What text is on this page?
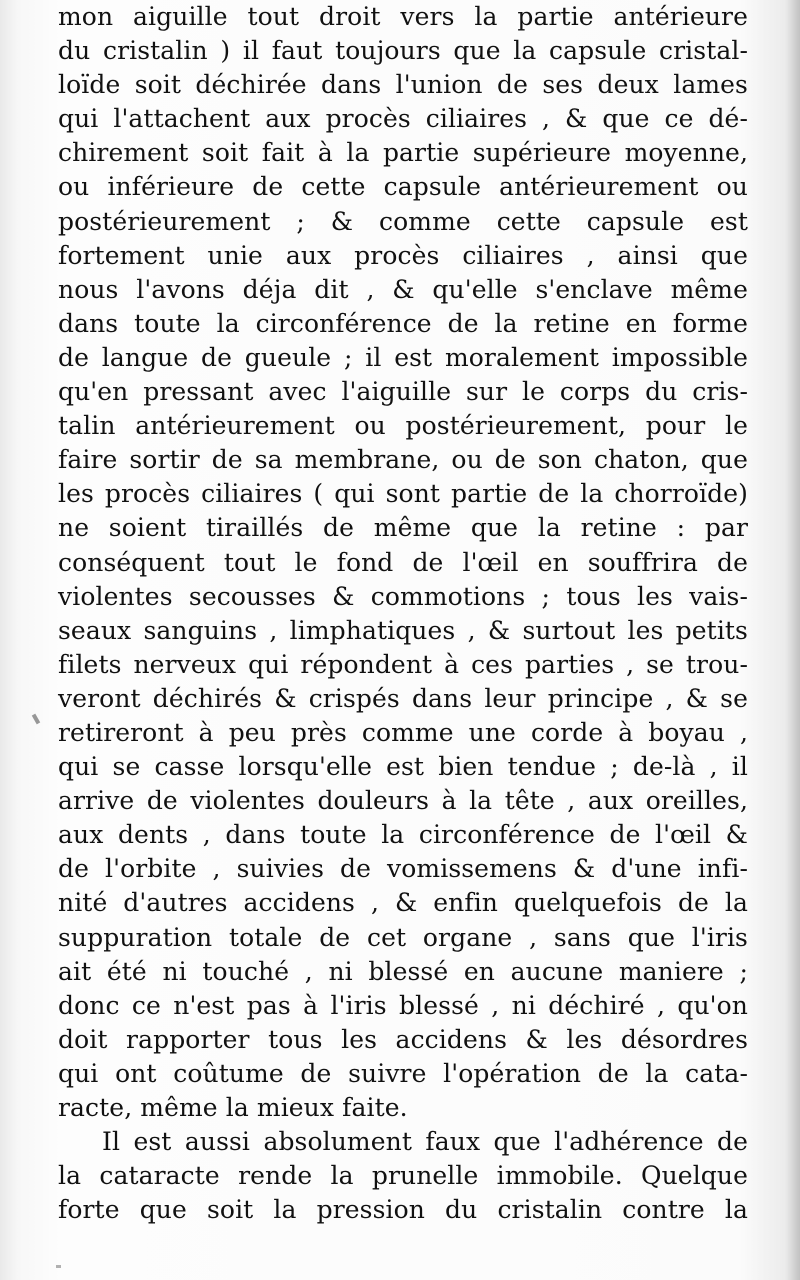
mon aiguille tout droit vers la partie antérieure
du cristalin ) il faut toujours que la capsule cristal-
loïde soit déchirée dans l'union de ses deux lames
qui l'attachent aux procès ciliaires , & que ce dé-
chirement soit fait à la partie supérieure moyenne,
ou inférieure de cette capsule antérieurement ou
postérieurement ; & comme cette capsule est
fortement unie aux procès ciliaires , ainsi que
nous l'avons déja dit , & qu'elle s'enclave même
dans toute la circonférence de la retine en forme
de langue de gueule ; il est moralement impossible
qu'en pressant avec l'aiguille sur le corps du cris-
talin antérieurement ou postérieurement, pour le
faire sortir de sa membrane, ou de son chaton, que
les procès ciliaires ( qui sont partie de la chorroïde)
ne soient tiraillés de même que la retine : par
conséquent tout le fond de l'œil en souffrira de
violentes secousses & commotions ; tous les vais-
seaux sanguins , limphatiques , & surtout les petits
filets nerveux qui répondent à ces parties , se trou-
veront déchirés & crispés dans leur principe , & se
retireront à peu près comme une corde à boyau ,
qui se casse lorsqu'elle est bien tendue ; de-là , il
arrive de violentes douleurs à la tête , aux oreilles,
aux dents , dans toute la circonférence de l'œil &
de l'orbite , suivies de vomissemens & d'une infi-
nité d'autres accidens , & enfin quelquefois de la
suppuration totale de cet organe , sans que l'iris
ait été ni touché , ni blessé en aucune maniere ;
donc ce n'est pas à l'iris blessé , ni déchiré , qu'on
doit rapporter tous les accidens & les désordres
qui ont coûtume de suivre l'opération de la cata-
racte, même la mieux faite.
Il est aussi absolument faux que l'adhérence de
la cataracte rende la prunelle immobile. Quelque
forte que soit la pression du cristalin contre la
